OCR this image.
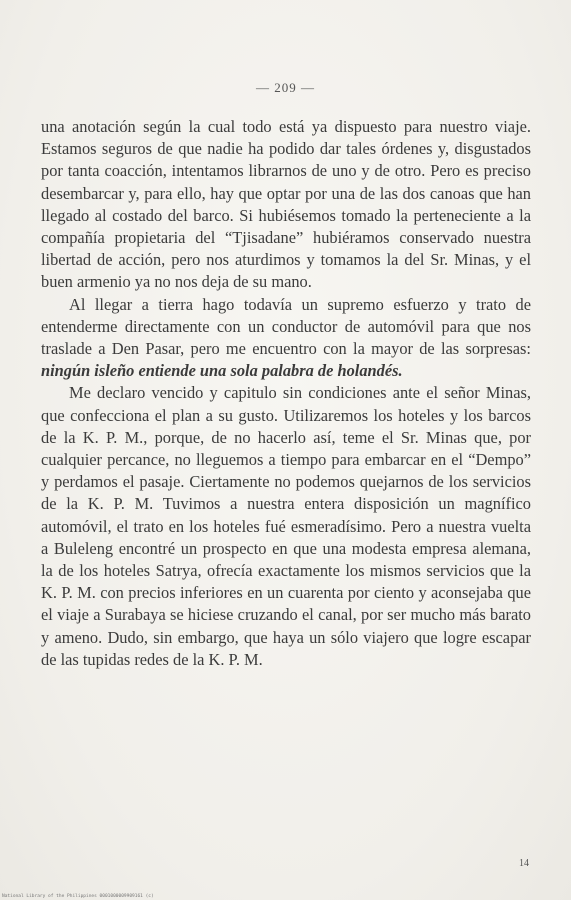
— 209 —

una anotación según la cual todo está ya dispuesto para nuestro viaje. Estamos seguros de que nadie ha podido dar tales órdenes y, disgustados por tanta coacción, intentamos librarnos de uno y de otro. Pero es preciso desembarcar y, para ello, hay que optar por una de las dos canoas que han llegado al costado del barco. Si hubiésemos tomado la perteneciente a la compañía propietaria del “Tjisadane” hubiéramos conservado nuestra libertad de acción, pero nos aturdimos y tomamos la del Sr. Minas, y el buen armenio ya no nos deja de su mano.

Al llegar a tierra hago todavía un supremo esfuerzo y trato de entenderme directamente con un conductor de automóvil para que nos traslade a Den Pasar, pero me encuentro con la mayor de las sorpresas: ningún isleño entiende una sola palabra de holandés.

Me declaro vencido y capitulo sin condiciones ante el señor Minas, que confecciona el plan a su gusto. Utilizaremos los hoteles y los barcos de la K. P. M., porque, de no hacerlo así, teme el Sr. Minas que, por cualquier percance, no lleguemos a tiempo para embarcar en el “Dempo” y perdamos el pasaje. Ciertamente no podemos quejarnos de los servicios de la K. P. M. Tuvimos a nuestra entera disposición un magnífico automóvil, el trato en los hoteles fué esmeradísimo. Pero a nuestra vuelta a Buleleng encontré un prospecto en que una modesta empresa alemana, la de los hoteles Satrya, ofrecía exactamente los mismos servicios que la K. P. M. con precios inferiores en un cuarenta por ciento y aconsejaba que el viaje a Surabaya se hiciese cruzando el canal, por ser mucho más barato y ameno. Dudo, sin embargo, que haya un sólo viajero que logre escapar de las tupidas redes de la K. P. M.

14
National Library of the Philippines 0001000009909161 (c)
